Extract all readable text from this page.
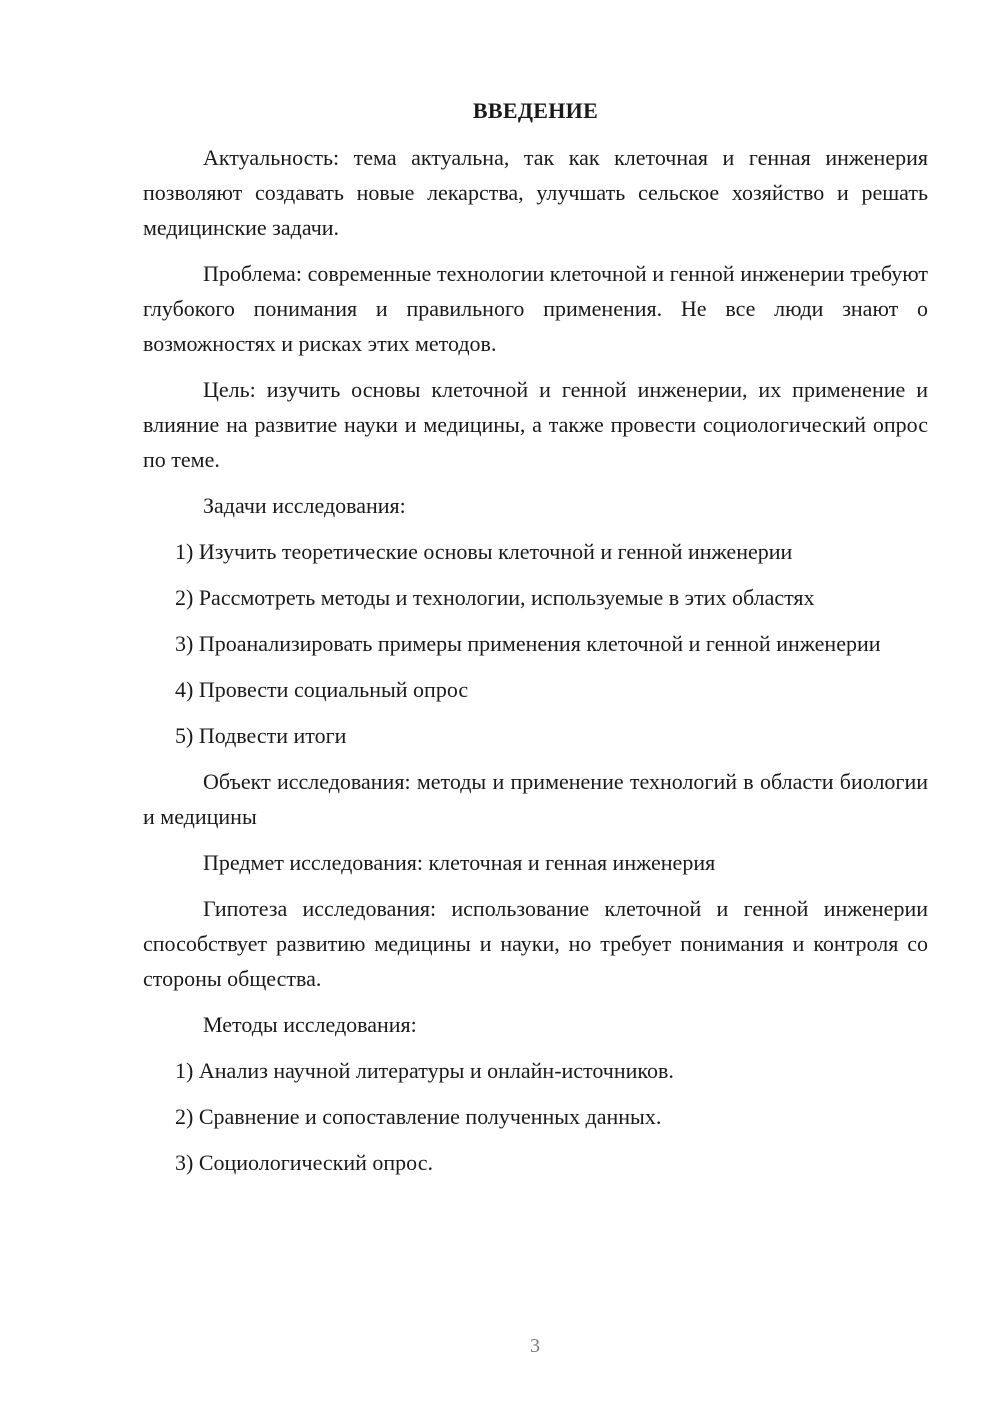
ВВЕДЕНИЕ
Актуальность: тема актуальна, так как клеточная и генная инженерия позволяют создавать новые лекарства, улучшать сельское хозяйство и решать медицинские задачи.
Проблема: современные технологии клеточной и генной инженерии требуют глубокого понимания и правильного применения. Не все люди знают о возможностях и рисках этих методов.
Цель: изучить основы клеточной и генной инженерии, их применение и влияние на развитие науки и медицины, а также провести социологический опрос по теме.
Задачи исследования:
1) Изучить теоретические основы клеточной и генной инженерии
2) Рассмотреть методы и технологии, используемые в этих областях
3) Проанализировать примеры применения клеточной и генной инженерии
4) Провести социальный опрос
5) Подвести итоги
Объект исследования: методы и применение технологий в области биологии и медицины
Предмет исследования: клеточная и генная инженерия
Гипотеза исследования: использование клеточной и генной инженерии способствует развитию медицины и науки, но требует понимания и контроля со стороны общества.
Методы исследования:
1) Анализ научной литературы и онлайн-источников.
2) Сравнение и сопоставление полученных данных.
3) Социологический опрос.
3
